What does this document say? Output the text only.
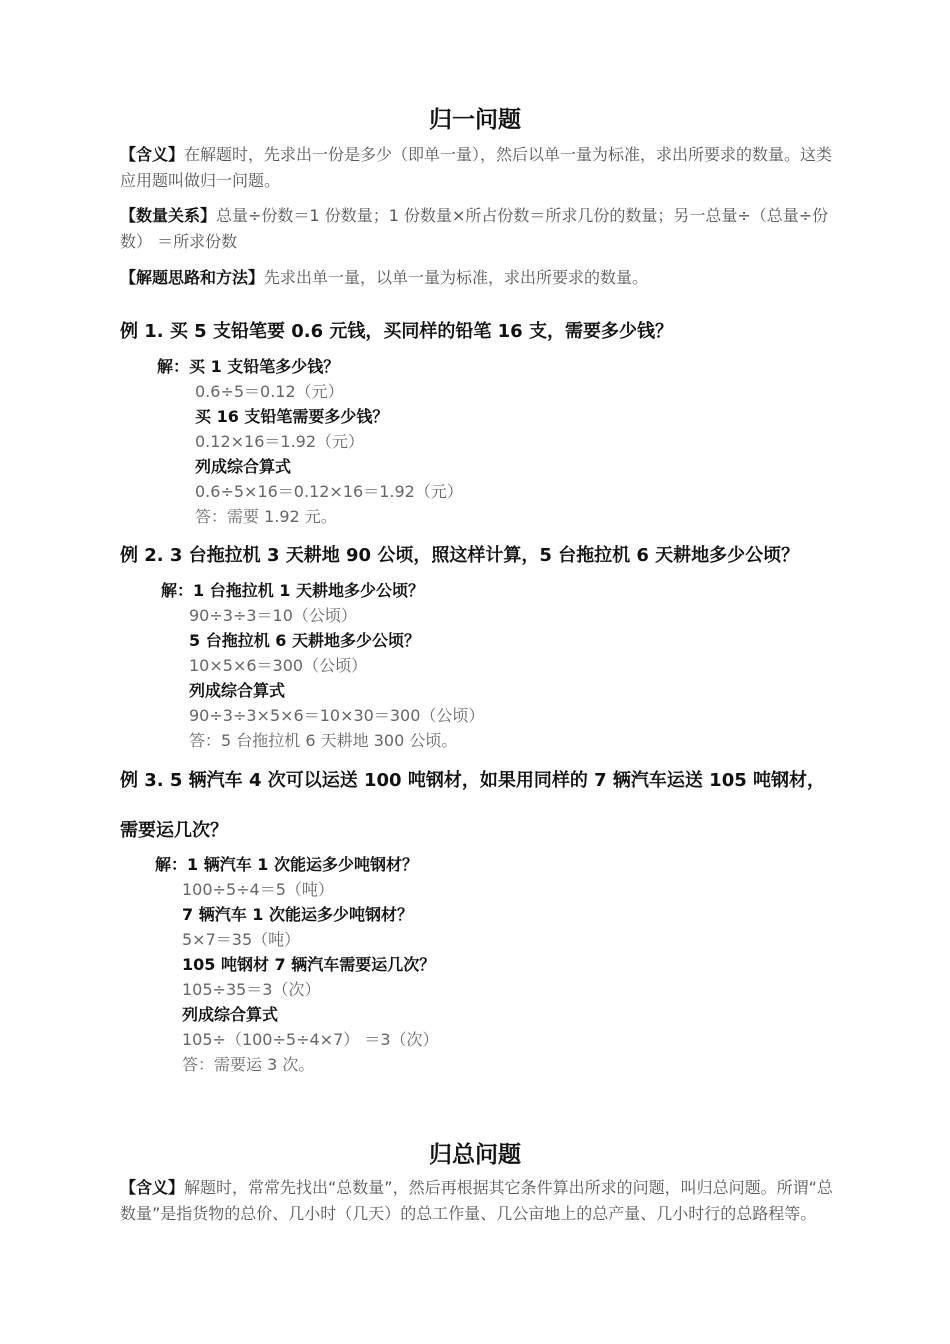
归一问题
【含义】在解题时，先求出一份是多少（即单一量），然后以单一量为标准，求出所要求的数量。这类应用题叫做归一问题。
【数量关系】总量÷份数＝1 份数量；1 份数量×所占份数＝所求几份的数量；另一总量÷（总量÷份数） ＝所求份数
【解题思路和方法】先求出单一量，以单一量为标准，求出所要求的数量。
例 1. 买 5 支铅笔要 0.6 元钱，买同样的铅笔 16 支，需要多少钱？
解：买 1 支铅笔多少钱？
0.6÷5＝0.12（元）
买 16 支铅笔需要多少钱？
0.12×16＝1.92（元）
列成综合算式
0.6÷5×16＝0.12×16＝1.92（元）
答：需要 1.92 元。
例 2. 3 台拖拉机 3 天耕地 90 公顷，照这样计算，5 台拖拉机 6 天耕地多少公顷？
解：1 台拖拉机 1 天耕地多少公顷？
90÷3÷3＝10（公顷）
5 台拖拉机 6 天耕地多少公顷？
10×5×6＝300（公顷）
列成综合算式
90÷3÷3×5×6＝10×30＝300（公顷）
答：5 台拖拉机 6 天耕地 300 公顷。
例 3. 5 辆汽车 4 次可以运送 100 吨钢材，如果用同样的 7 辆汽车运送 105 吨钢材，
需要运几次？
解：1 辆汽车 1 次能运多少吨钢材？
100÷5÷4＝5（吨）
7 辆汽车 1 次能运多少吨钢材？
5×7＝35（吨）
105 吨钢材 7 辆汽车需要运几次？
105÷35＝3（次）
列成综合算式
105÷（100÷5÷4×7） ＝3（次）
答：需要运 3 次。
归总问题
【含义】解题时，常常先找出“总数量”，然后再根据其它条件算出所求的问题，叫归总问题。所谓“总数量”是指货物的总价、几小时（几天）的总工作量、几公亩地上的总产量、几小时行的总路程等。
